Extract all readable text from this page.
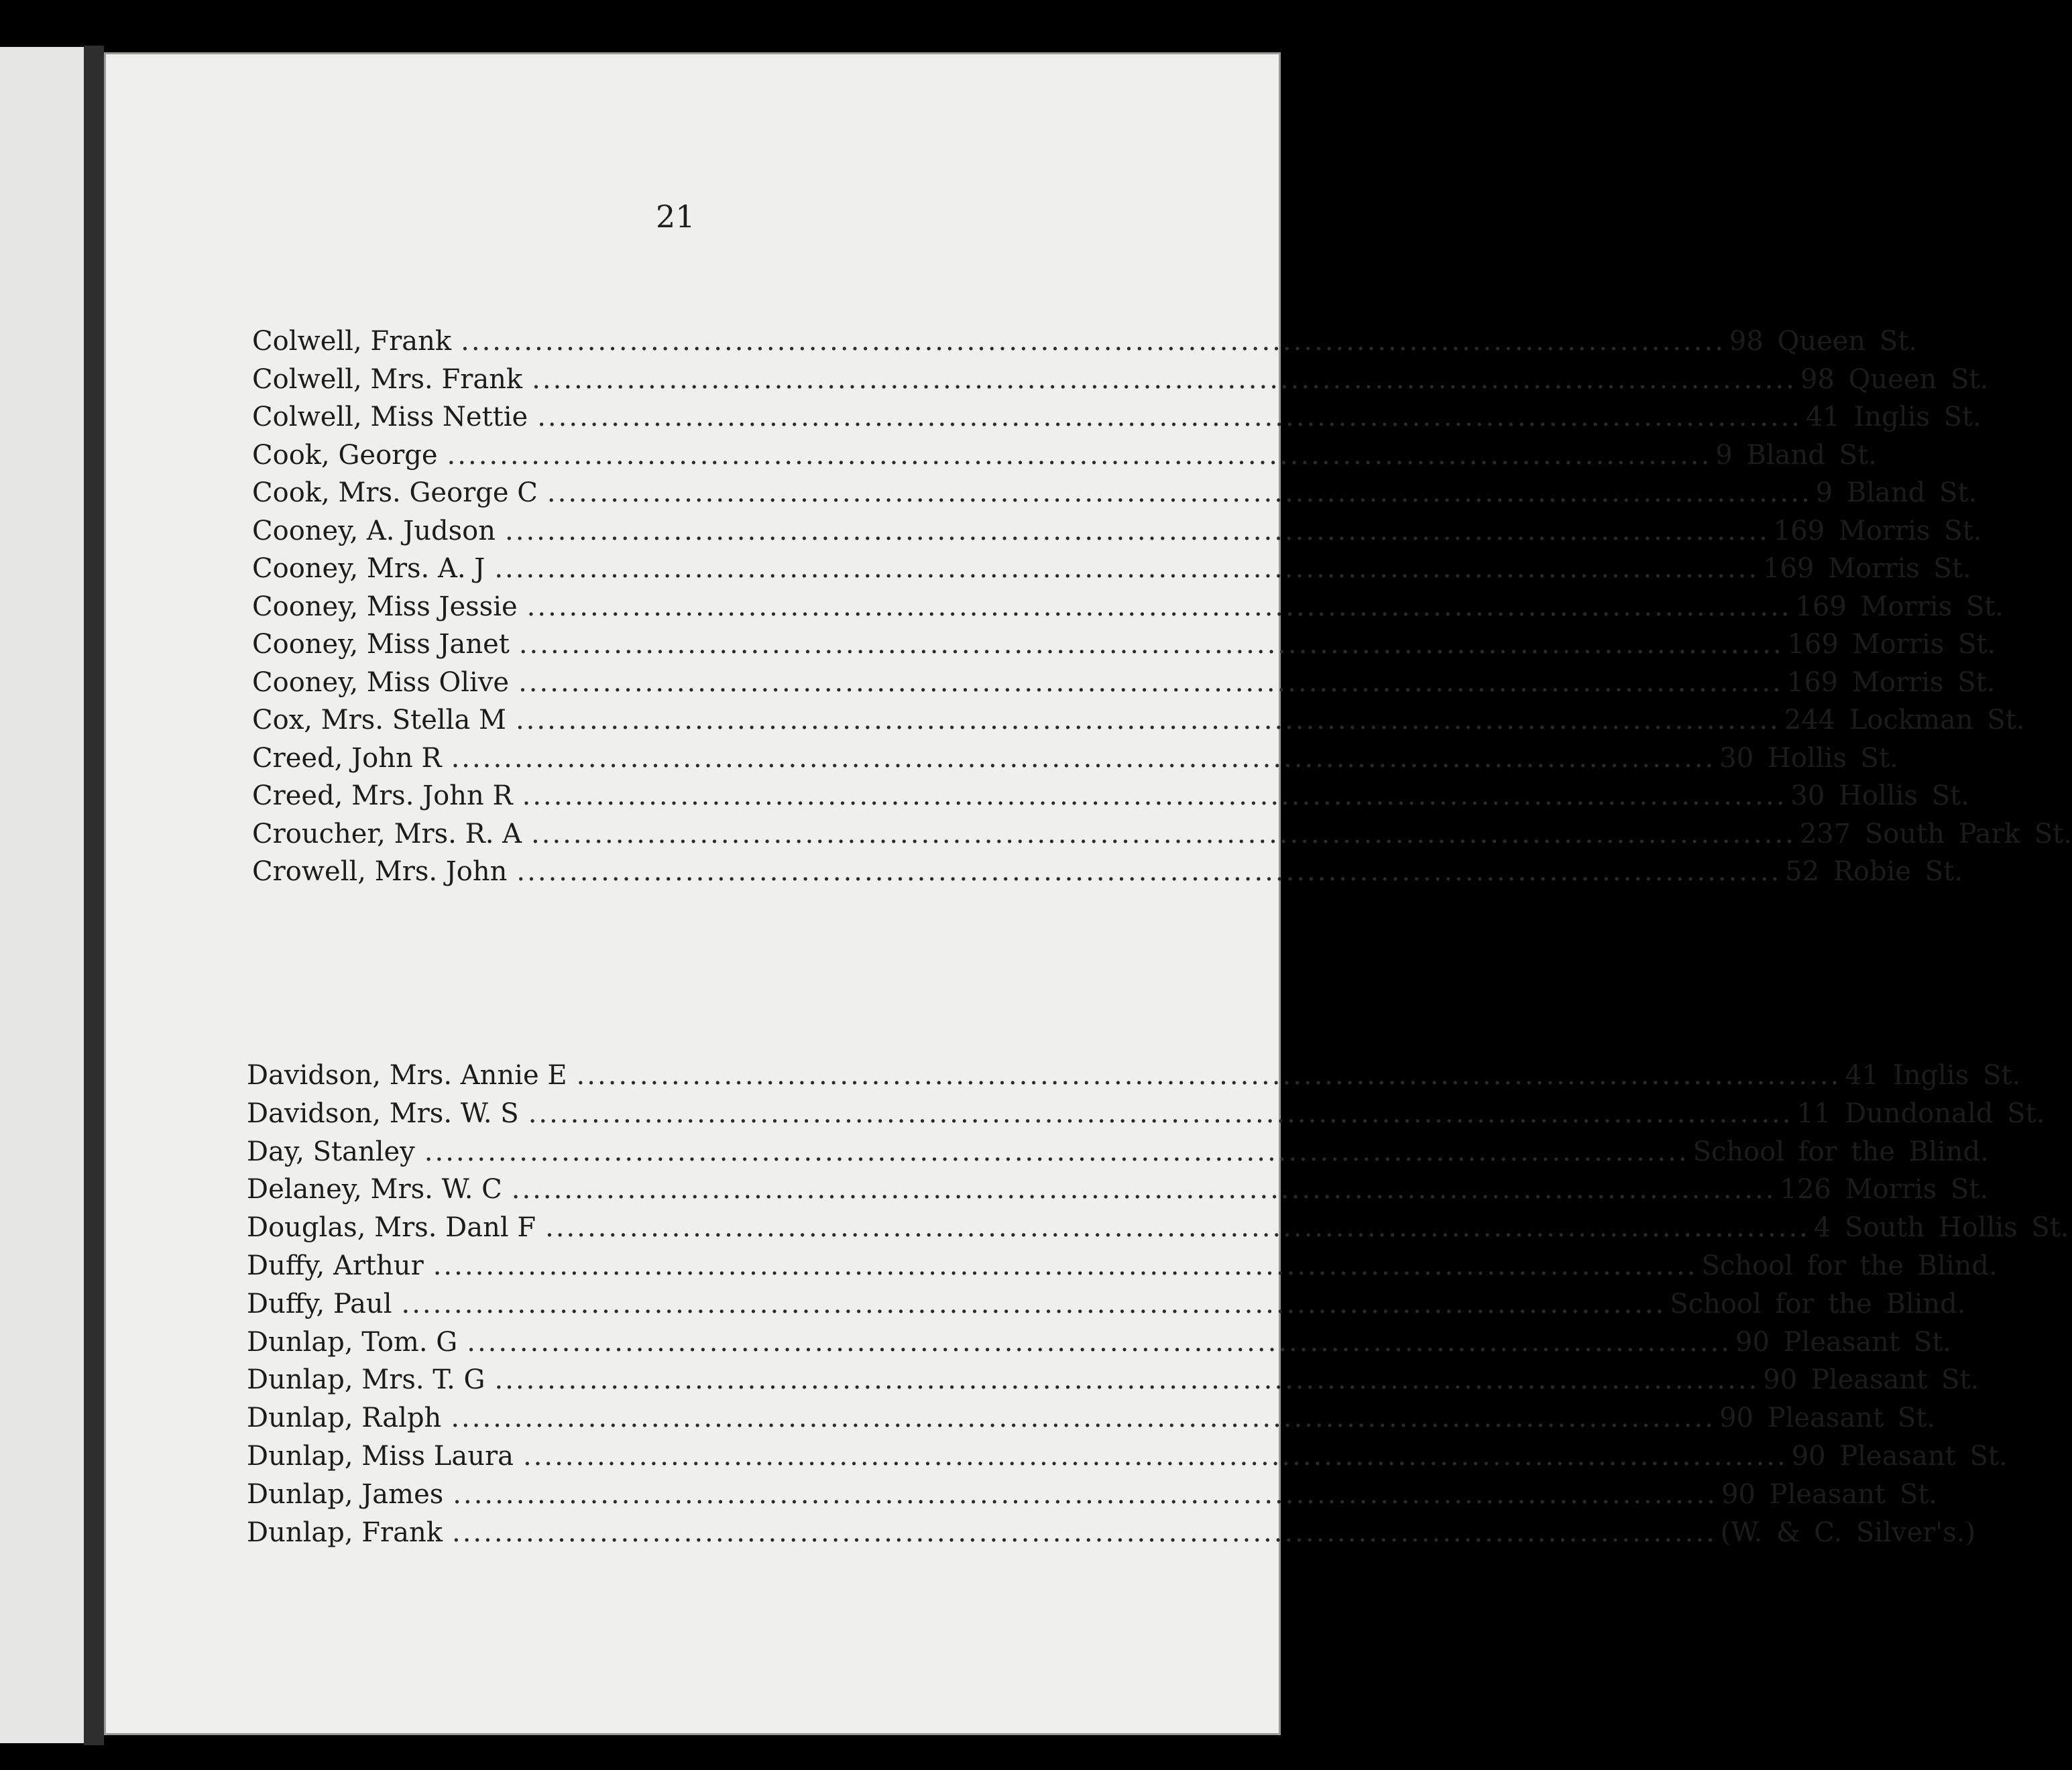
21
Colwell, Frank ........................................................................................................................ 98 Queen St.
Colwell, Mrs. Frank ........................................................................................................................ 98 Queen St.
Colwell, Miss Nettie ........................................................................................................................ 41 Inglis St.
Cook, George ........................................................................................................................ 9 Bland St.
Cook, Mrs. George C ........................................................................................................................ 9 Bland St.
Cooney, A. Judson ........................................................................................................................ 169 Morris St.
Cooney, Mrs. A. J ........................................................................................................................ 169 Morris St.
Cooney, Miss Jessie ........................................................................................................................ 169 Morris St.
Cooney, Miss Janet ........................................................................................................................ 169 Morris St.
Cooney, Miss Olive ........................................................................................................................ 169 Morris St.
Cox, Mrs. Stella M ........................................................................................................................ 244 Lockman St.
Creed, John R ........................................................................................................................ 30 Hollis St.
Creed, Mrs. John R ........................................................................................................................ 30 Hollis St.
Croucher, Mrs. R. A ........................................................................................................................ 237 South Park St.
Crowell, Mrs. John ........................................................................................................................ 52 Robie St.
Davidson, Mrs. Annie E ........................................................................................................................ 41 Inglis St.
Davidson, Mrs. W. S ........................................................................................................................ 11 Dundonald St.
Day, Stanley ........................................................................................................................ School for the Blind.
Delaney, Mrs. W. C ........................................................................................................................ 126 Morris St.
Douglas, Mrs. Danl F ........................................................................................................................ 4 South Hollis St.
Duffy, Arthur ........................................................................................................................ School for the Blind.
Duffy, Paul ........................................................................................................................ School for the Blind.
Dunlap, Tom. G ........................................................................................................................ 90 Pleasant St.
Dunlap, Mrs. T. G ........................................................................................................................ 90 Pleasant St.
Dunlap, Ralph ........................................................................................................................ 90 Pleasant St.
Dunlap, Miss Laura ........................................................................................................................ 90 Pleasant St.
Dunlap, James ........................................................................................................................ 90 Pleasant St.
Dunlap, Frank ........................................................................................................................ (W. & C. Silver's.)
